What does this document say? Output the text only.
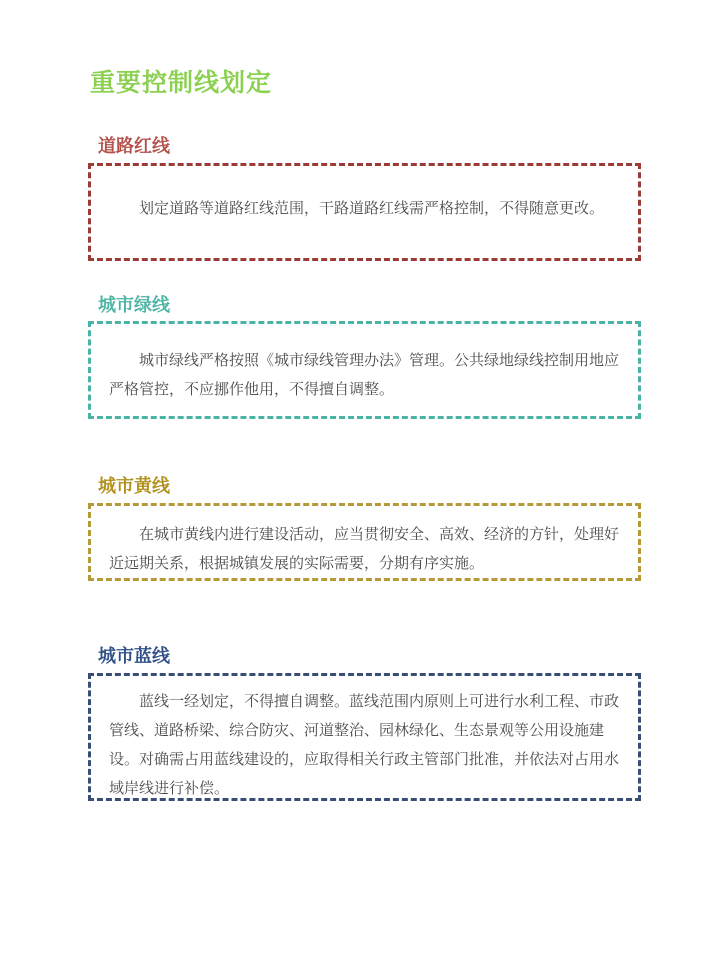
重要控制线划定
道路红线

划定道路等道路红线范围，干路道路红线需严格控制，不得随意更改。

城市绿线

城市绿线严格按照《城市绿线管理办法》管理。公共绿地绿线控制用地应严格管控，不应挪作他用，不得擅自调整。

城市黄线

在城市黄线内进行建设活动，应当贯彻安全、高效、经济的方针，处理好近远期关系，根据城镇发展的实际需要，分期有序实施。

城市蓝线

蓝线一经划定，不得擅自调整。蓝线范围内原则上可进行水利工程、市政管线、道路桥梁、综合防灾、河道整治、园林绿化、生态景观等公用设施建设。对确需占用蓝线建设的，应取得相关行政主管部门批准，并依法对占用水域岸线进行补偿。
